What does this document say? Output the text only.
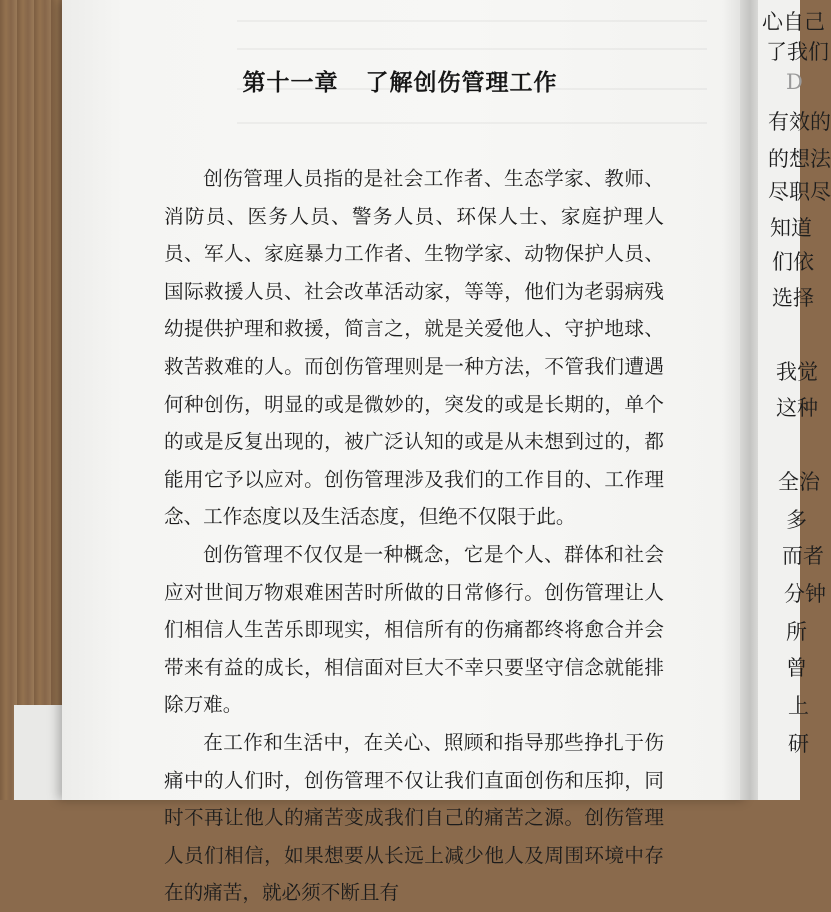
心自己
了我们
D
有效的
的想法
尽职尽
知道
们依
选择
我觉
这种
全治
多
而者
分钟
所
曾
上
研
第十一章 了解创伤管理工作

创伤管理人员指的是社会工作者、生态学家、教师、消防员、医务人员、警务人员、环保人士、家庭护理人员、军人、家庭暴力工作者、生物学家、动物保护人员、国际救援人员、社会改革活动家，等等，他们为老弱病残幼提供护理和救援，简言之，就是关爱他人、守护地球、救苦救难的人。而创伤管理则是一种方法，不管我们遭遇何种创伤，明显的或是微妙的，突发的或是长期的，单个的或是反复出现的，被广泛认知的或是从未想到过的，都能用它予以应对。创伤管理涉及我们的工作目的、工作理念、工作态度以及生活态度，但绝不仅限于此。

创伤管理不仅仅是一种概念，它是个人、群体和社会应对世间万物艰难困苦时所做的日常修行。创伤管理让人们相信人生苦乐即现实，相信所有的伤痛都终将愈合并会带来有益的成长，相信面对巨大不幸只要坚守信念就能排除万难。

在工作和生活中，在关心、照顾和指导那些挣扎于伤痛中的人们时，创伤管理不仅让我们直面创伤和压抑，同时不再让他人的痛苦变成我们自己的痛苦之源。创伤管理人员们相信，如果想要从长远上减少他人及周围环境中存在的痛苦，就必须不断且有
